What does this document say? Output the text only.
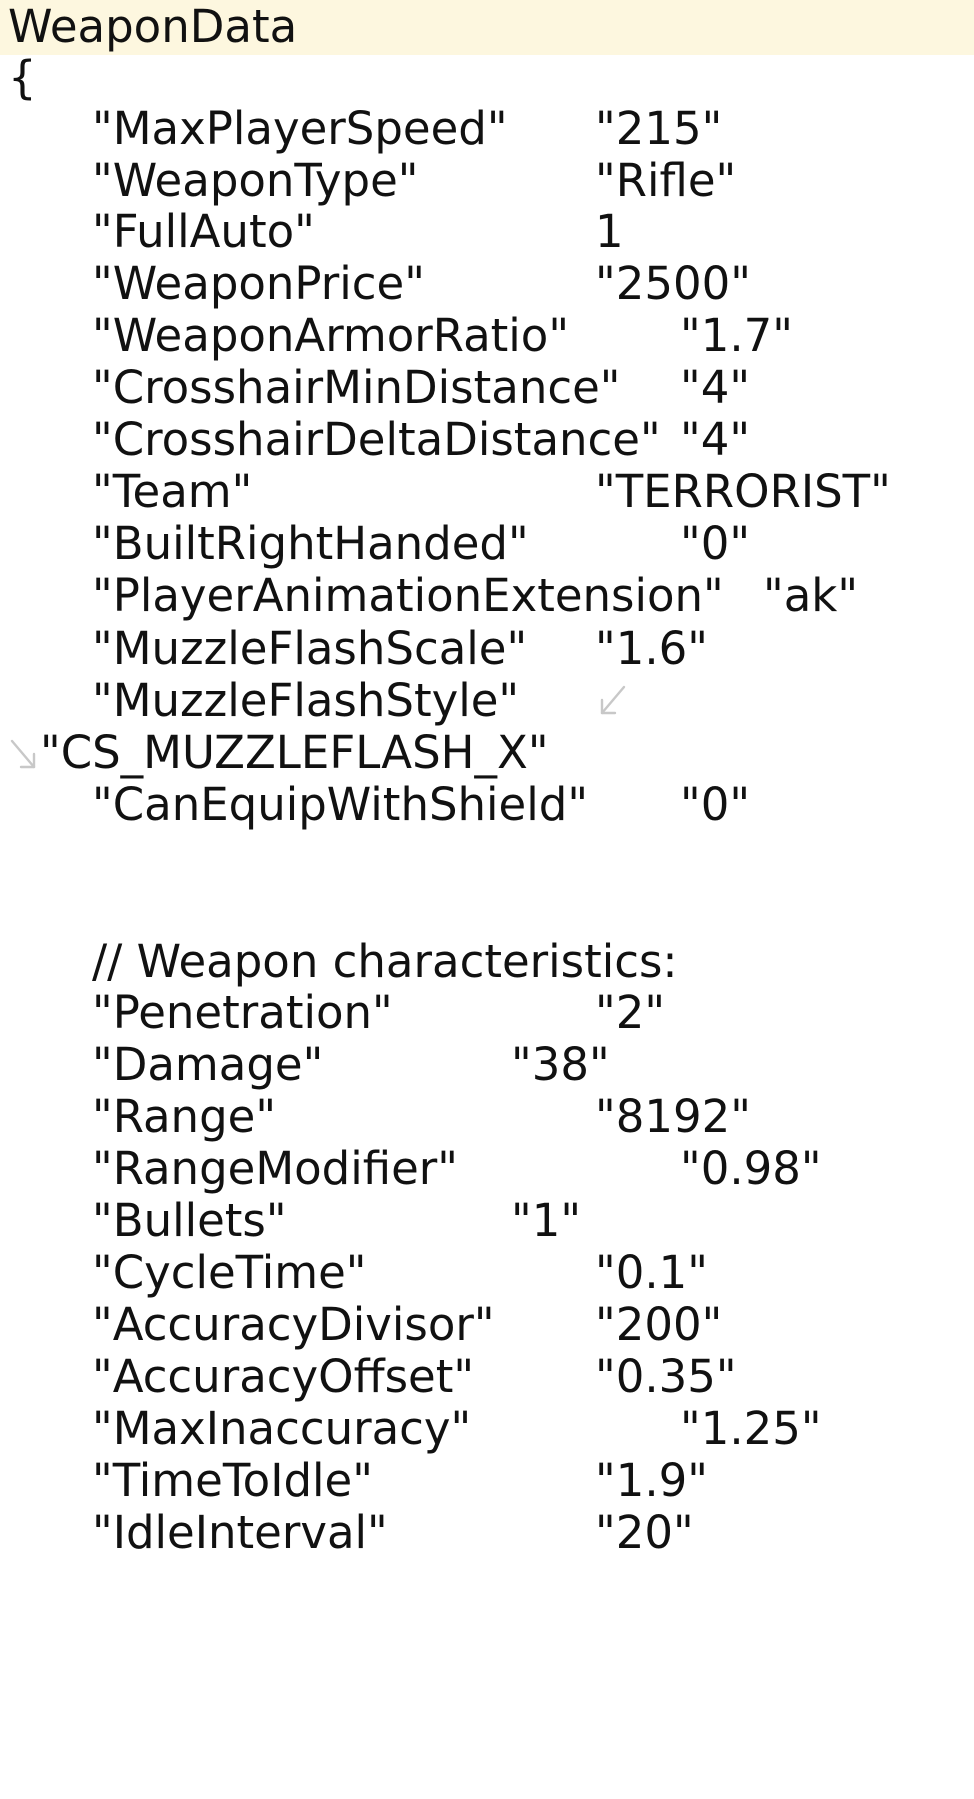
WeaponData
{
"MaxPlayerSpeed" "215"
"WeaponType"	"Rifle"
"FullAuto"	1
"WeaponPrice"	"2500"
"WeaponArmorRatio" "1.7"
"CrosshairMinDistance" "4"
"CrosshairDeltaDistance" "4"
"Team"	"TERRORIST"
"BuiltRightHanded"	"0"
"PlayerAnimationExtension" "ak"
"MuzzleFlashScale" "1.6"
"MuzzleFlashStyle"
"CS_MUZZLEFLASH_X"
"CanEquipWithShield" "0"
// Weapon characteristics:
"Penetration"	"2"
"Damage"	"38"
"Range"	"8192"
"RangeModifier"	"0.98"
"Bullets"	"1"
"CycleTime"	"0.1"
"AccuracyDivisor" "200"
"AccuracyOffset"	"0.35"
"MaxInaccuracy"	"1.25"
"TimeToIdle"	"1.9"
"IdleInterval"	"20"
